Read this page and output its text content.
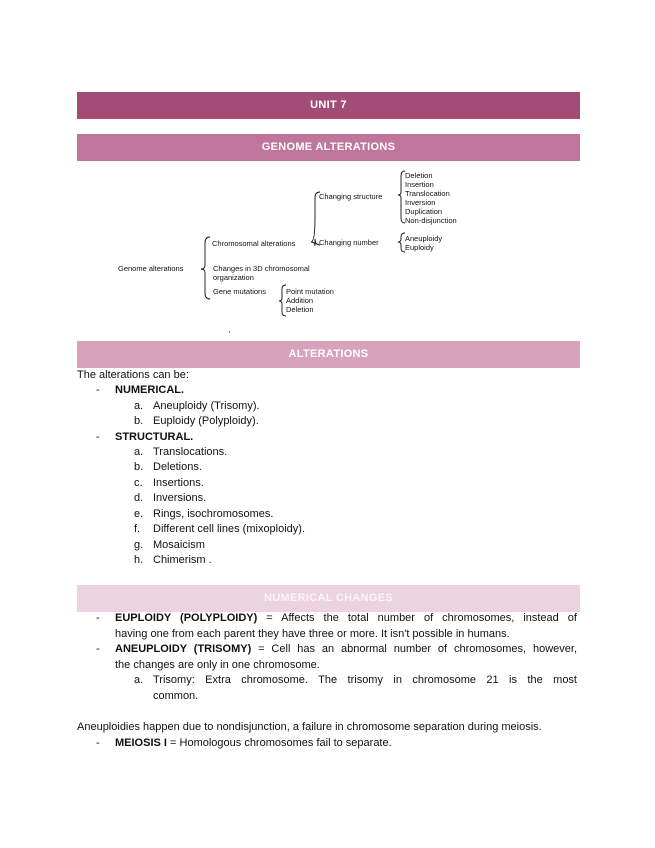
UNIT 7
GENOME ALTERATIONS
Genome alterations
Chromosomal alterations
Changing structure
Deletion
Insertion
Translocation
Inversion
Duplication
Non-disjunction
Changing number	Aneuploidy
Euploidy
Changes in 3D chromosomal
organization
Gene mutations	Point mutation
Addition
Deletion
'
ALTERATIONS
The alterations can be:
- NUMERICAL.
a. Aneuploidy (Trisomy).
b. Euploidy (Polyploidy).
- STRUCTURAL.
a. Translocations.
b. Deletions.
c. Insertions.
d. Inversions.
e. Rings, isochromosomes.
f. Different cell lines (mixoploidy).
g. Mosaicism
h. Chimerism .
NUMERICAL CHANGES
- EUPLOIDY (POLYPLOIDY) = Affects the total number of chromosomes, instead of
having one from each parent they have three or more. It isn't possible in humans.
- ANEUPLOIDY (TRISOMY) = Cell has an abnormal number of chromosomes, however,
the changes are only in one chromosome.
a. Trisomy: Extra chromosome. The trisomy in chromosome 21 is the most
common.
Aneuploidies happen due to nondisjunction, a failure in chromosome separation during meiosis.
- MEIOSIS I = Homologous chromosomes fail to separate.
